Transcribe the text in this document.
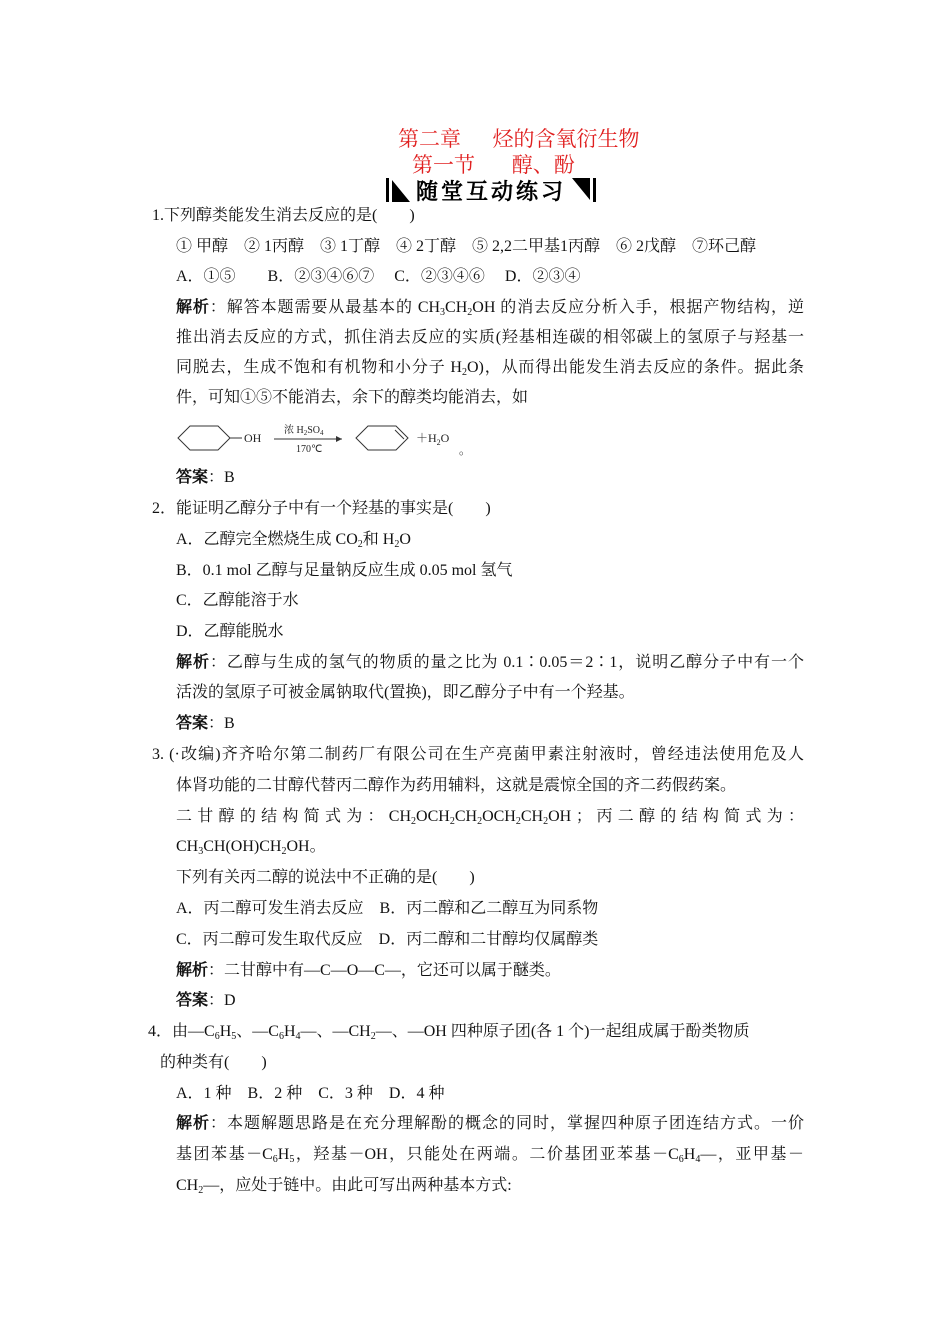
第二章 烃的含氧衍生物
第一节 醇、酚
随堂互动练习
1.下列醇类能发生消去反应的是(　　)
① 甲醇　② 1丙醇　③ 1丁醇　④ 2丁醇　⑤ 2,2二甲基1丙醇　⑥ 2戊醇　⑦环己醇
A．①⑤　　B．②③④⑥⑦　 C．②③④⑥　 D．②③④
解析：解答本题需要从最基本的 $CH_3CH_2OH$ 的消去反应分析入手，根据产物结构，逆
推出消去反应的方式，抓住消去反应的实质(羟基相连碳的相邻碳上的氢原子与羟基一
同脱去，生成不饱和有机物和小分子 $H_2O$)，从而得出能发生消去反应的条件。据此条
件，可知①⑤不能消去，余下的醇类均能消去，如
OH
浓 $H_2SO_4$
170℃
$+H_2O$
。
答案：B
2．能证明乙醇分子中有一个羟基的事实是(　　)
A．乙醇完全燃烧生成 $CO_2$和 $H_2O$
B．0.1 mol 乙醇与足量钠反应生成 0.05 mol 氢气
C．乙醇能溶于水
D．乙醇能脱水
解析：乙醇与生成的氢气的物质的量之比为 0.1∶0.05＝2∶1，说明乙醇分子中有一个
活泼的氢原子可被金属钠取代(置换)，即乙醇分子中有一个羟基。
答案：B
3. (·改编)齐齐哈尔第二制药厂有限公司在生产亮菌甲素注射液时，曾经违法使用危及人
体肾功能的二甘醇代替丙二醇作为药用辅料，这就是震惊全国的齐二药假药案。
二 甘 醇 的 结 构 简 式 为 ： $CH_2OCH_2CH_2OCH_2CH_2OH$ ； 丙 二 醇 的 结 构 简 式 为 ：
$CH_3CH(OH)CH_2OH$。
下列有关丙二醇的说法中不正确的是(　　)
A．丙二醇可发生消去反应　B．丙二醇和乙二醇互为同系物
C．丙二醇可发生取代反应　D．丙二醇和二甘醇均仅属醇类
解析：二甘醇中有—C—O—C—，它还可以属于醚类。
答案：D
4．由$—C_6H_5$、$—C_6H_4—$、$—CH_2—$、—OH 四种原子团(各 1 个)一起组成属于酚类物质
的种类有(　　)
A．1 种　B．2 种　C．3 种　D．4 种
解析：本题解题思路是在充分理解酚的概念的同时，掌握四种原子团连结方式。一价
基团苯基$-C_6H_5$，羟基－OH，只能处在两端。二价基团亚苯基$-C_6H_4—$，亚甲基－
$CH_2—$，应处于链中。由此可写出两种基本方式:
